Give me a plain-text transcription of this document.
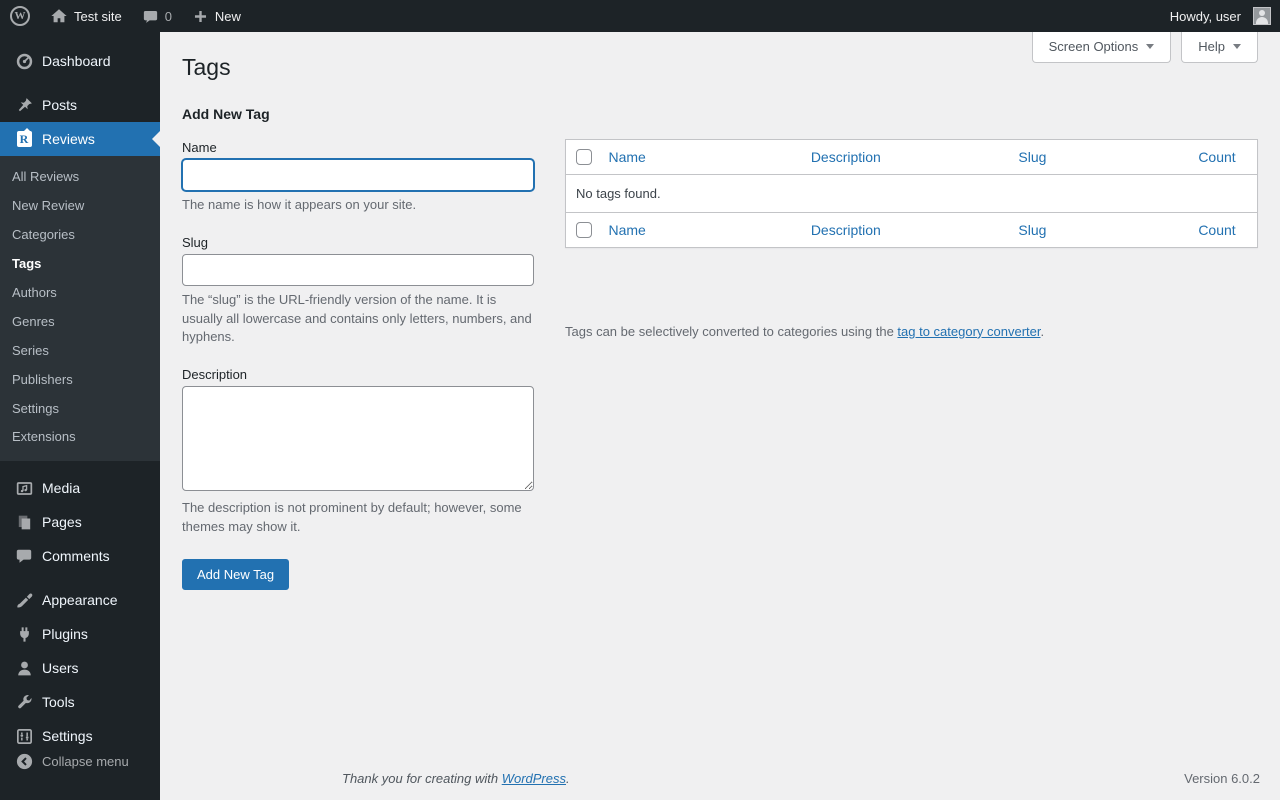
W	Test site	0	New	Howdy, user
Dashboard
Posts
R Reviews
All Reviews
New Review
Categories
Tags
Authors
Genres
Series
Publishers
Settings
Extensions
Media
Pages
Comments
Appearance
Plugins
Users
Tools
Settings
Collapse menu
Screen Options	Help
Tags
Add New Tag
Name

The name is how it appears on your site.

Slug

The “slug” is the URL-friendly version of the name. It is usually all lowercase and contains only letters, numbers, and hyphens.

Description

The description is not prominent by default; however, some themes may show it.

Add New Tag
	Name	Description	Slug	Count
No tags found.				

	Name	Description	Slug	Count

Tags can be selectively converted to categories using the tag to category converter.

Thank you for creating with WordPress.	Version 6.0.2
